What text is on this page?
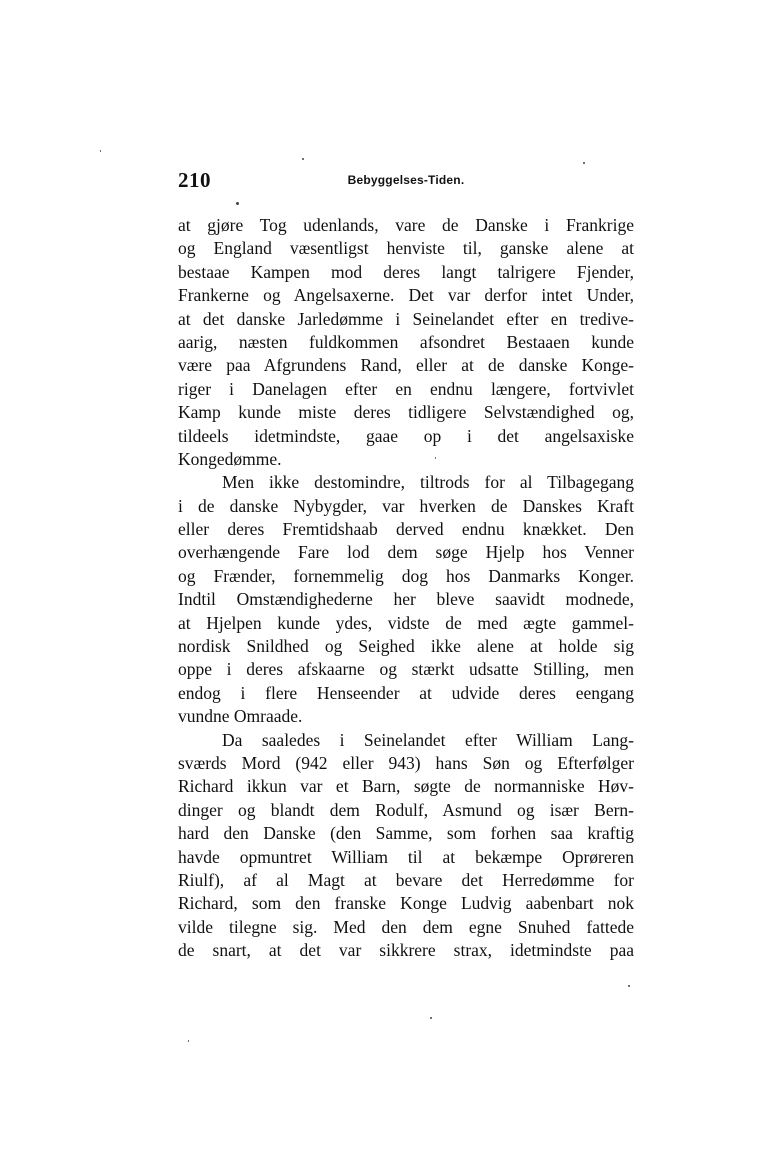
210	Bebyggelses-Tiden.
at gjøre Tog udenlands, vare de Danske i Frankrige
og England væsentligst henviste til, ganske alene at
bestaae Kampen mod deres langt talrigere Fjender,
Frankerne og Angelsaxerne. Det var derfor intet Under,
at det danske Jarledømme i Seinelandet efter en tredive-
aarig, næsten fuldkommen afsondret Bestaaen kunde
være paa Afgrundens Rand, eller at de danske Konge-
riger i Danelagen efter en endnu længere, fortvivlet
Kamp kunde miste deres tidligere Selvstændighed og,
tildeels idetmindste, gaae op i det angelsaxiske
Kongedømme.
Men ikke destomindre, tiltrods for al Tilbagegang
i de danske Nybygder, var hverken de Danskes Kraft
eller deres Fremtidshaab derved endnu knækket. Den
overhængende Fare lod dem søge Hjelp hos Venner
og Frænder, fornemmelig dog hos Danmarks Konger.
Indtil Omstændighederne her bleve saavidt modnede,
at Hjelpen kunde ydes, vidste de med ægte gammel-
nordisk Snildhed og Seighed ikke alene at holde sig
oppe i deres afskaarne og stærkt udsatte Stilling, men
endog i flere Henseender at udvide deres eengang
vundne Omraade.
Da saaledes i Seinelandet efter William Lang-
sværds Mord (942 eller 943) hans Søn og Efterfølger
Richard ikkun var et Barn, søgte de normanniske Høv-
dinger og blandt dem Rodulf, Asmund og især Bern-
hard den Danske (den Samme, som forhen saa kraftig
havde opmuntret William til at bekæmpe Oprøreren
Riulf), af al Magt at bevare det Herredømme for
Richard, som den franske Konge Ludvig aabenbart nok
vilde tilegne sig. Med den dem egne Snuhed fattede
de snart, at det var sikkrere strax, idetmindste paa
